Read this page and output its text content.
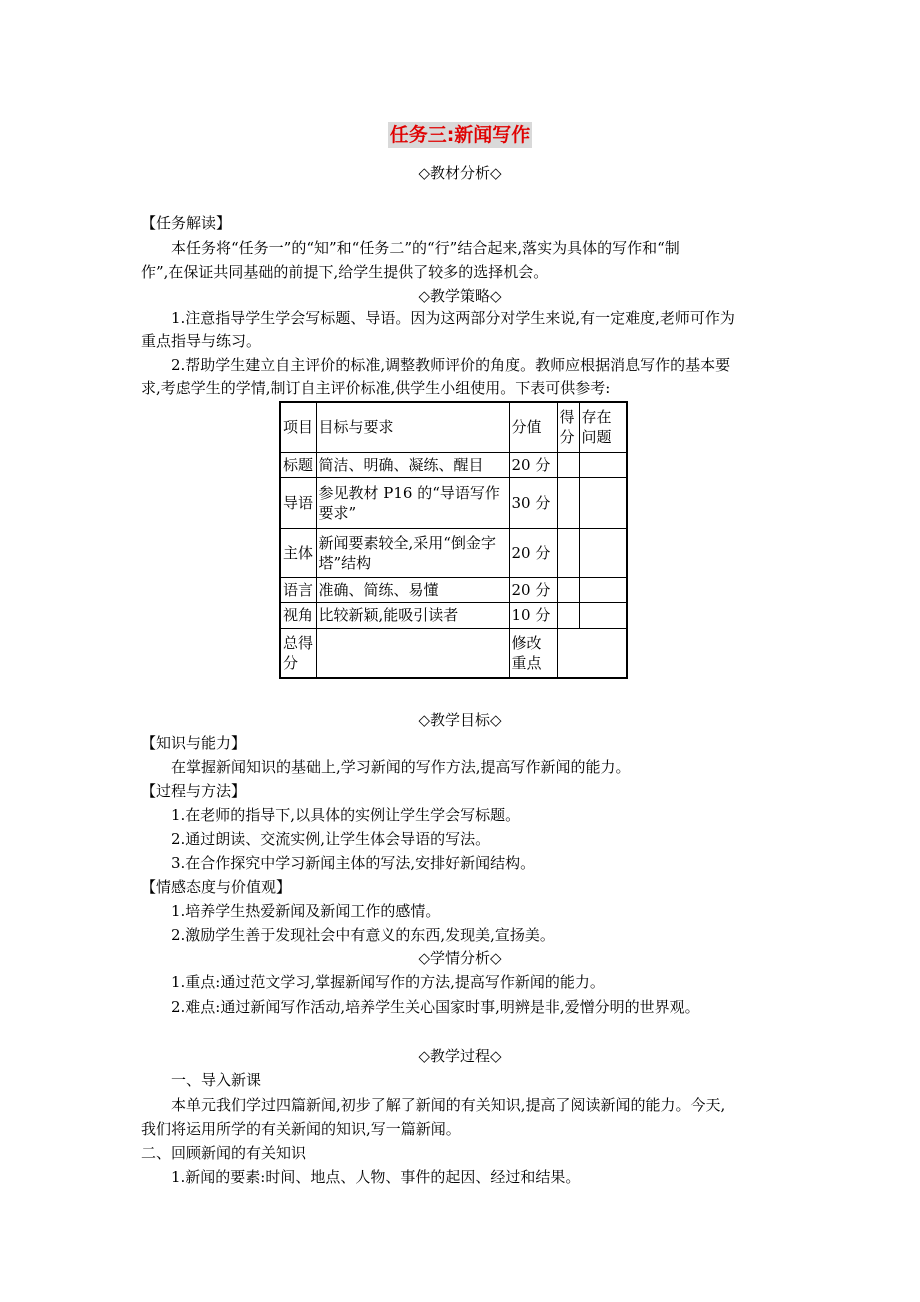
任务三:新闻写作
◇教材分析◇
【任务解读】
本任务将“任务一”的“知”和“任务二”的“行”结合起来,落实为具体的写作和“制
作”,在保证共同基础的前提下,给学生提供了较多的选择机会。
◇教学策略◇
1.注意指导学生学会写标题、导语。因为这两部分对学生来说,有一定难度,老师可作为
重点指导与练习。
2.帮助学生建立自主评价的标准,调整教师评价的角度。教师应根据消息写作的基本要
求,考虑学生的学情,制订自主评价标准,供学生小组使用。下表可供参考:
项目	目标与要求	分值	得分	存在问题
标题	简洁、明确、凝练、醒目	20 分		
导语	参见教材 P16 的“导语写作要求”	30 分		
主体	新闻要素较全,采用“倒金字塔”结构	20 分		
语言	准确、简练、易懂	20 分		
视角	比较新颖,能吸引读者	10 分		
总得分		修改重点		
◇教学目标◇
【知识与能力】
在掌握新闻知识的基础上,学习新闻的写作方法,提高写作新闻的能力。
【过程与方法】
1.在老师的指导下,以具体的实例让学生学会写标题。
2.通过朗读、交流实例,让学生体会导语的写法。
3.在合作探究中学习新闻主体的写法,安排好新闻结构。
【情感态度与价值观】
1.培养学生热爱新闻及新闻工作的感情。
2.激励学生善于发现社会中有意义的东西,发现美,宣扬美。
◇学情分析◇
1.重点:通过范文学习,掌握新闻写作的方法,提高写作新闻的能力。
2.难点:通过新闻写作活动,培养学生关心国家时事,明辨是非,爱憎分明的世界观。
◇教学过程◇
一、导入新课
本单元我们学过四篇新闻,初步了解了新闻的有关知识,提高了阅读新闻的能力。今天,
我们将运用所学的有关新闻的知识,写一篇新闻。
二、回顾新闻的有关知识
1.新闻的要素:时间、地点、人物、事件的起因、经过和结果。
